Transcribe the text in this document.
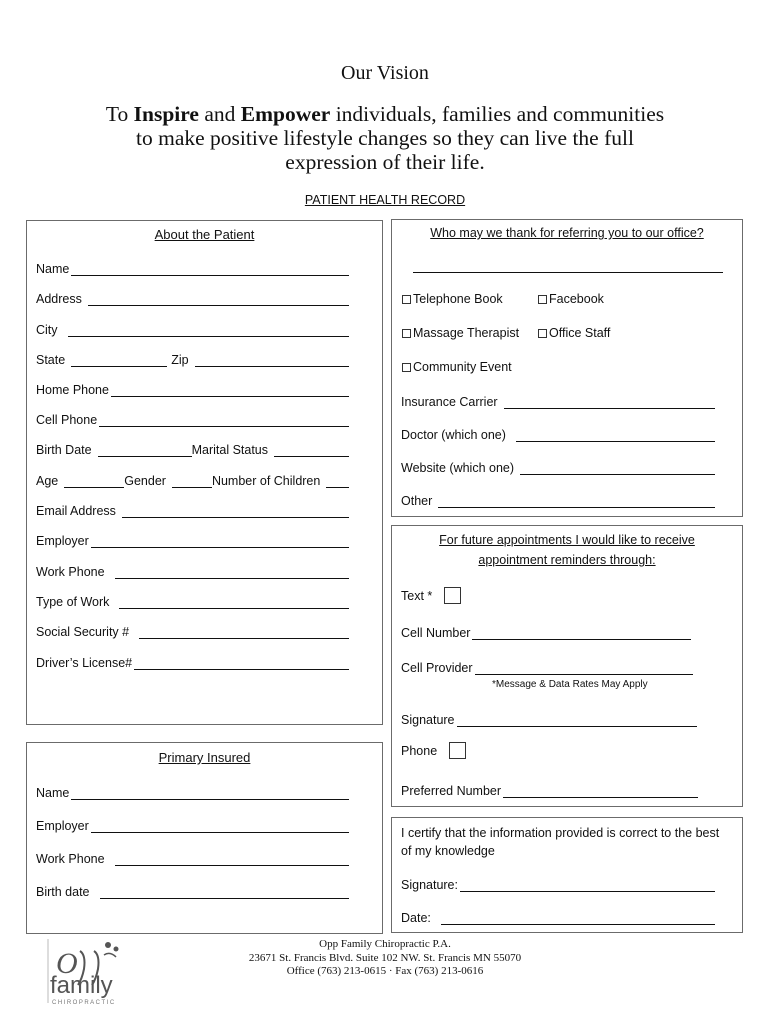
Our Vision
To Inspire and Empower individuals, families and communities to make positive lifestyle changes so they can live the full expression of their life.
PATIENT HEALTH RECORD
About the Patient
Name
Address
City
State	Zip
Home Phone
Cell Phone
Birth Date	Marital Status
Age	Gender	Number of Children
Email Address
Employer
Work Phone
Type of Work
Social Security #
Driver’s License#
Primary Insured
Name
Employer
Work Phone
Birth date
Who may we thank for referring you to our office?
Telephone Book	Facebook
Massage Therapist Office Staff
Community Event
Insurance Carrier
Doctor (which one)
Website (which one)
Other
For future appointments I would like to receive
appointment reminders through:
Text *
Cell Number
Cell Provider
*Message & Data Rates May Apply
Signature
Phone
Preferred Number
I certify that the information provided is correct to the best of my knowledge
Signature:
Date:
O
family
CHIROPRACTIC
Opp Family Chiropractic P.A.
23671 St. Francis Blvd. Suite 102 NW. St. Francis MN 55070
Office (763) 213-0615 · Fax (763) 213-0616
